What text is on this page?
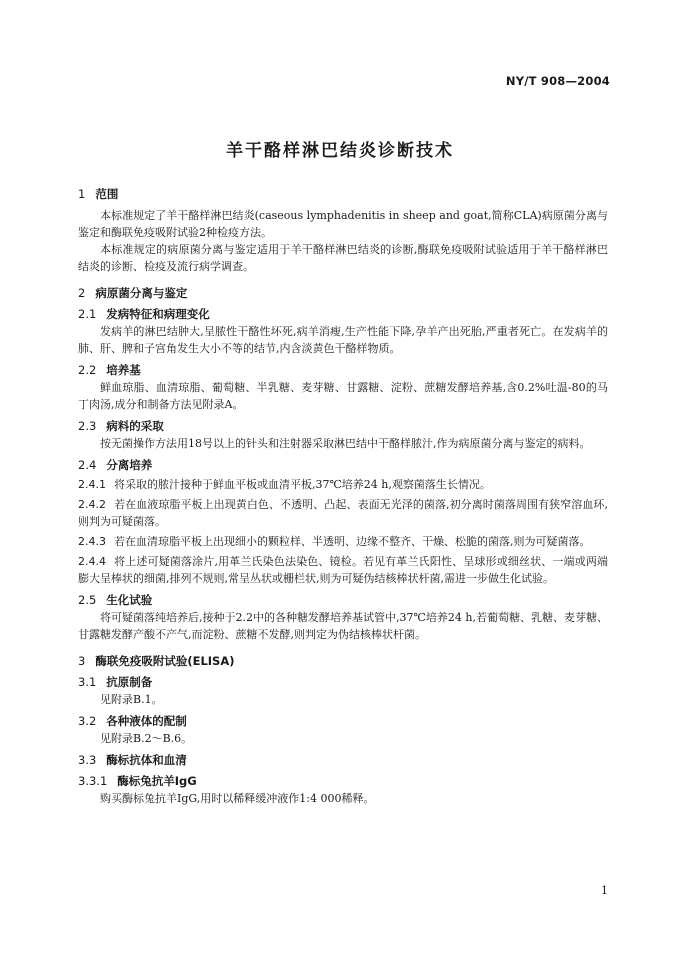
NY/T 908—2004
羊干酪样淋巴结炎诊断技术
1 范围

本标准规定了羊干酪样淋巴结炎(caseous lymphadenitis in sheep and goat,简称CLA)病原菌分离与鉴定和酶联免疫吸附试验2种检疫方法。

本标准规定的病原菌分离与鉴定适用于羊干酪样淋巴结炎的诊断,酶联免疫吸附试验适用于羊干酪样淋巴结炎的诊断、检疫及流行病学调查。

2 病原菌分离与鉴定
2.1 发病特征和病理变化

发病羊的淋巴结肿大,呈脓性干酪性坏死,病羊消瘦,生产性能下降,孕羊产出死胎,严重者死亡。在发病羊的肺、肝、脾和子宫角发生大小不等的结节,内含淡黄色干酪样物质。

2.2 培养基

鲜血琼脂、血清琼脂、葡萄糖、半乳糖、麦芽糖、甘露糖、淀粉、蔗糖发酵培养基,含0.2%吐温-80的马丁肉汤,成分和制备方法见附录A。

2.3 病料的采取

按无菌操作方法用18号以上的针头和注射器采取淋巴结中干酪样脓汁,作为病原菌分离与鉴定的病料。

2.4 分离培养

2.4.1 将采取的脓汁接种于鲜血平板或血清平板,37℃培养24 h,观察菌落生长情况。

2.4.2 若在血液琼脂平板上出现黄白色、不透明、凸起、表面无光泽的菌落,初分离时菌落周围有狭窄溶血环,则判为可疑菌落。

2.4.3 若在血清琼脂平板上出现细小的颗粒样、半透明、边缘不整齐、干燥、松脆的菌落,则为可疑菌落。

2.4.4 将上述可疑菌落涂片,用革兰氏染色法染色、镜检。若见有革兰氏阳性、呈球形或细丝状、一端或两端膨大呈棒状的细菌,排列不规则,常呈丛状或栅栏状,则为可疑伪结核棒状杆菌,需进一步做生化试验。

2.5 生化试验

将可疑菌落纯培养后,接种于2.2中的各种糖发酵培养基试管中,37℃培养24 h,若葡萄糖、乳糖、麦芽糖、甘露糖发酵产酸不产气,而淀粉、蔗糖不发酵,则判定为伪结核棒状杆菌。

3 酶联免疫吸附试验(ELISA)
3.1 抗原制备

见附录B.1。

3.2 各种液体的配制

见附录B.2～B.6。

3.3 酶标抗体和血清
3.3.1 酶标兔抗羊IgG

购买酶标兔抗羊IgG,用时以稀释缓冲液作1:4 000稀释。

1
